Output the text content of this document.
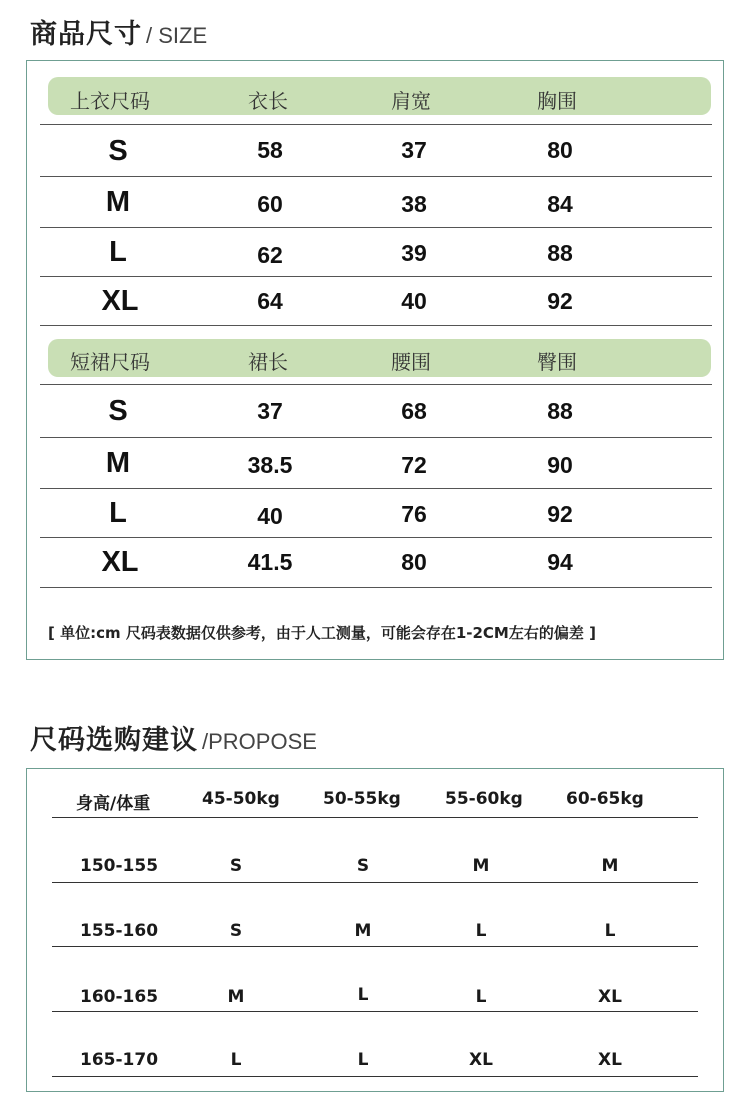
商品尺寸 / SIZE
上衣尺码	衣长	肩宽	胸围
S	58	37	80
M	60	38	84
L	62	39	88
XL	64	40	92
短裙尺码	裙长	腰围	臀围
S	37	68	88
M	38.5	72	90
L	40	76	92
XL	41.5	80	94
[ 单位:cm 尺码表数据仅供参考，由于人工测量，可能会存在1-2CM左右的偏差 ]
尺码选购建议 /PROPOSE
身高/体重	45-50kg	50-55kg	55-60kg	60-65kg
150-155	S	S	M	M
155-160	S	M	L	L
160-165	M	L	L	XL
165-170	L	L	XL	XL
